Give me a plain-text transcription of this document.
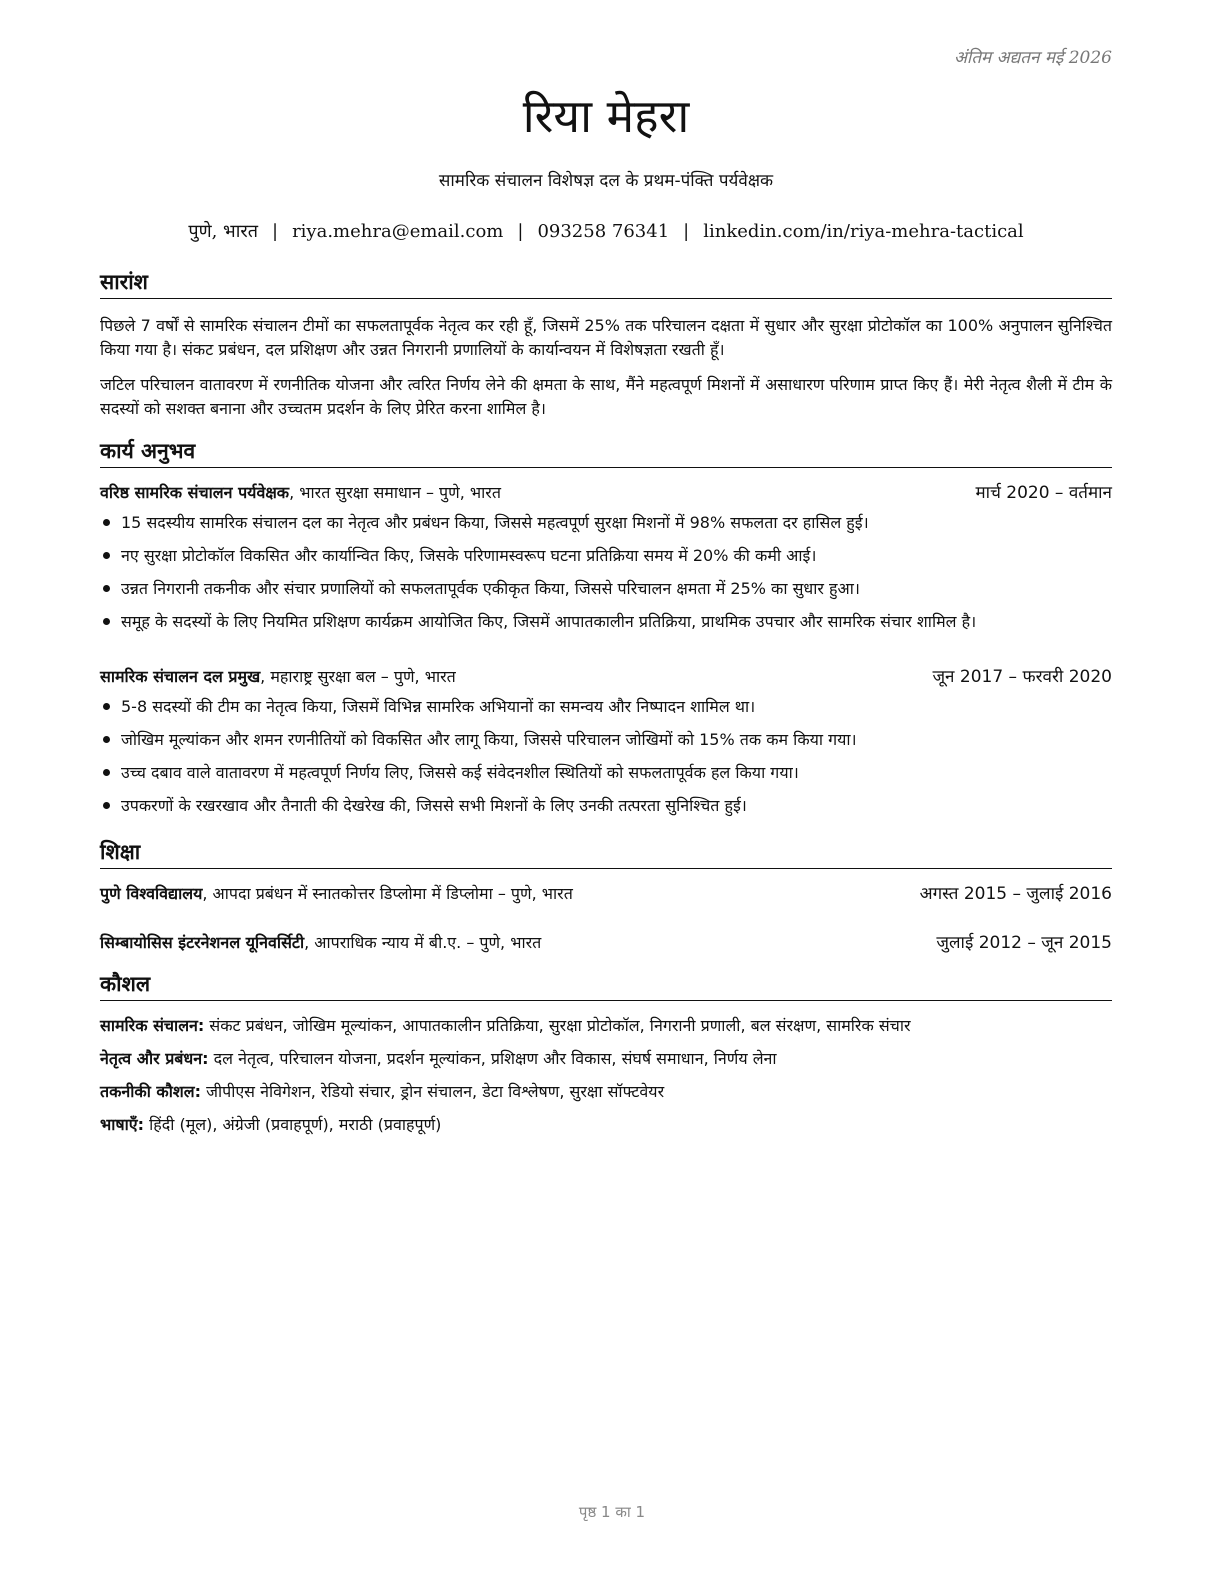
अंतिम अद्यतन मई 2026
रिया मेहरा
सामरिक संचालन विशेषज्ञ दल के प्रथम-पंक्ति पर्यवेक्षक
पुणे, भारत | riya.mehra@email.com | 093258 76341 | linkedin.com/in/riya-mehra-tactical
सारांश
पिछले 7 वर्षों से सामरिक संचालन टीमों का सफलतापूर्वक नेतृत्व कर रही हूँ, जिसमें 25% तक परिचालन दक्षता में सुधार और सुरक्षा प्रोटोकॉल का 100% अनुपालन सुनिश्चित किया गया है। संकट प्रबंधन, दल प्रशिक्षण और उन्नत निगरानी प्रणालियों के कार्यान्वयन में विशेषज्ञता रखती हूँ।
जटिल परिचालन वातावरण में रणनीतिक योजना और त्वरित निर्णय लेने की क्षमता के साथ, मैंने महत्वपूर्ण मिशनों में असाधारण परिणाम प्राप्त किए हैं। मेरी नेतृत्व शैली में टीम के सदस्यों को सशक्त बनाना और उच्चतम प्रदर्शन के लिए प्रेरित करना शामिल है।
कार्य अनुभव
वरिष्ठ सामरिक संचालन पर्यवेक्षक, भारत सुरक्षा समाधान – पुणे, भारत	मार्च 2020 – वर्तमान
15 सदस्यीय सामरिक संचालन दल का नेतृत्व और प्रबंधन किया, जिससे महत्वपूर्ण सुरक्षा मिशनों में 98% सफलता दर हासिल हुई।
नए सुरक्षा प्रोटोकॉल विकसित और कार्यान्वित किए, जिसके परिणामस्वरूप घटना प्रतिक्रिया समय में 20% की कमी आई।
उन्नत निगरानी तकनीक और संचार प्रणालियों को सफलतापूर्वक एकीकृत किया, जिससे परिचालन क्षमता में 25% का सुधार हुआ।
समूह के सदस्यों के लिए नियमित प्रशिक्षण कार्यक्रम आयोजित किए, जिसमें आपातकालीन प्रतिक्रिया, प्राथमिक उपचार और सामरिक संचार शामिल है।
सामरिक संचालन दल प्रमुख, महाराष्ट्र सुरक्षा बल – पुणे, भारत	जून 2017 – फरवरी 2020
5-8 सदस्यों की टीम का नेतृत्व किया, जिसमें विभिन्न सामरिक अभियानों का समन्वय और निष्पादन शामिल था।
जोखिम मूल्यांकन और शमन रणनीतियों को विकसित और लागू किया, जिससे परिचालन जोखिमों को 15% तक कम किया गया।
उच्च दबाव वाले वातावरण में महत्वपूर्ण निर्णय लिए, जिससे कई संवेदनशील स्थितियों को सफलतापूर्वक हल किया गया।
उपकरणों के रखरखाव और तैनाती की देखरेख की, जिससे सभी मिशनों के लिए उनकी तत्परता सुनिश्चित हुई।
शिक्षा
पुणे विश्वविद्यालय, आपदा प्रबंधन में स्नातकोत्तर डिप्लोमा में डिप्लोमा – पुणे, भारत	अगस्त 2015 – जुलाई 2016
सिम्बायोसिस इंटरनेशनल यूनिवर्सिटी, आपराधिक न्याय में बी.ए. – पुणे, भारत	जुलाई 2012 – जून 2015
कौशल
सामरिक संचालन: संकट प्रबंधन, जोखिम मूल्यांकन, आपातकालीन प्रतिक्रिया, सुरक्षा प्रोटोकॉल, निगरानी प्रणाली, बल संरक्षण, सामरिक संचार
नेतृत्व और प्रबंधन: दल नेतृत्व, परिचालन योजना, प्रदर्शन मूल्यांकन, प्रशिक्षण और विकास, संघर्ष समाधान, निर्णय लेना
तकनीकी कौशल: जीपीएस नेविगेशन, रेडियो संचार, ड्रोन संचालन, डेटा विश्लेषण, सुरक्षा सॉफ्टवेयर
भाषाएँ: हिंदी (मूल), अंग्रेजी (प्रवाहपूर्ण), मराठी (प्रवाहपूर्ण)
पृष्ठ 1 का 1
